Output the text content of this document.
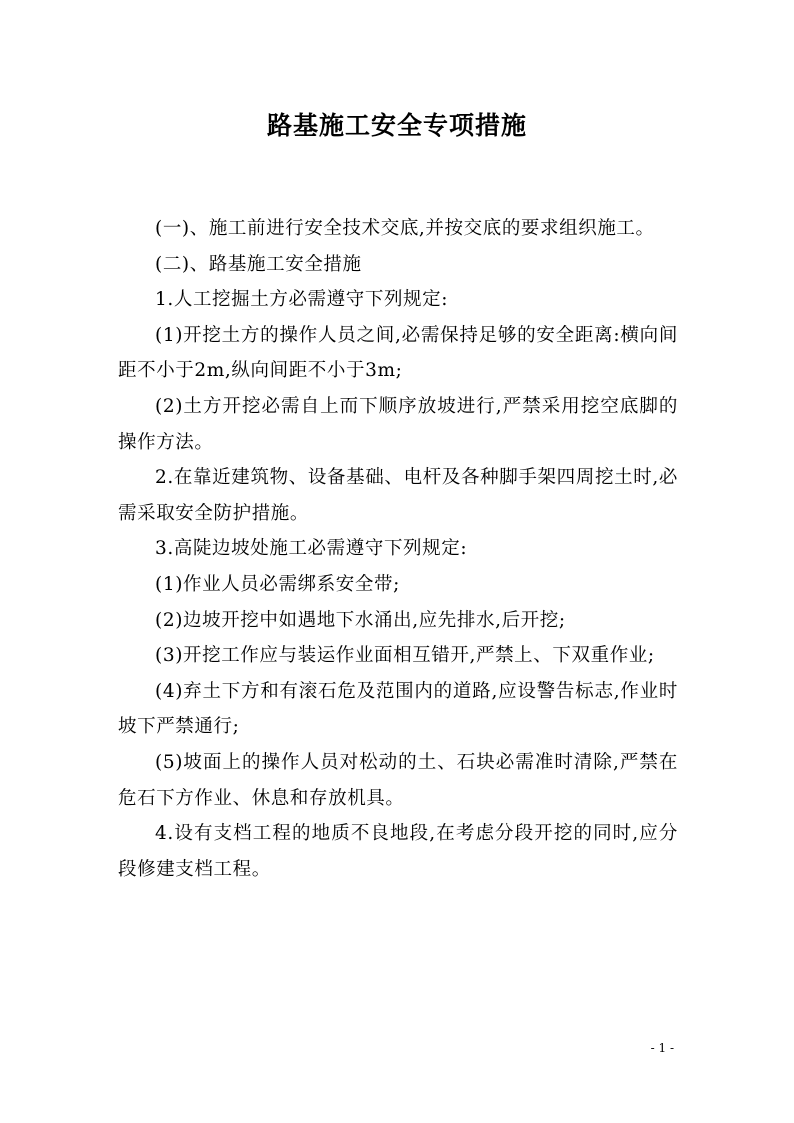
路基施工安全专项措施

(一)、施工前进行安全技术交底,并按交底的要求组织施工。

(二)、路基施工安全措施

1.人工挖掘土方必需遵守下列规定:

(1)开挖土方的操作人员之间,必需保持足够的安全距离:横向间距不小于2m,纵向间距不小于3m;

(2)土方开挖必需自上而下顺序放坡进行,严禁采用挖空底脚的操作方法。

2.在靠近建筑物、设备基础、电杆及各种脚手架四周挖土时,必需采取安全防护措施。

3.高陡边坡处施工必需遵守下列规定:

(1)作业人员必需绑系安全带;

(2)边坡开挖中如遇地下水涌出,应先排水,后开挖;

(3)开挖工作应与装运作业面相互错开,严禁上、下双重作业;

(4)弃土下方和有滚石危及范围内的道路,应设警告标志,作业时坡下严禁通行;

(5)坡面上的操作人员对松动的土、石块必需准时清除,严禁在危石下方作业、休息和存放机具。

4.设有支档工程的地质不良地段,在考虑分段开挖的同时,应分段修建支档工程。

- 1 -
